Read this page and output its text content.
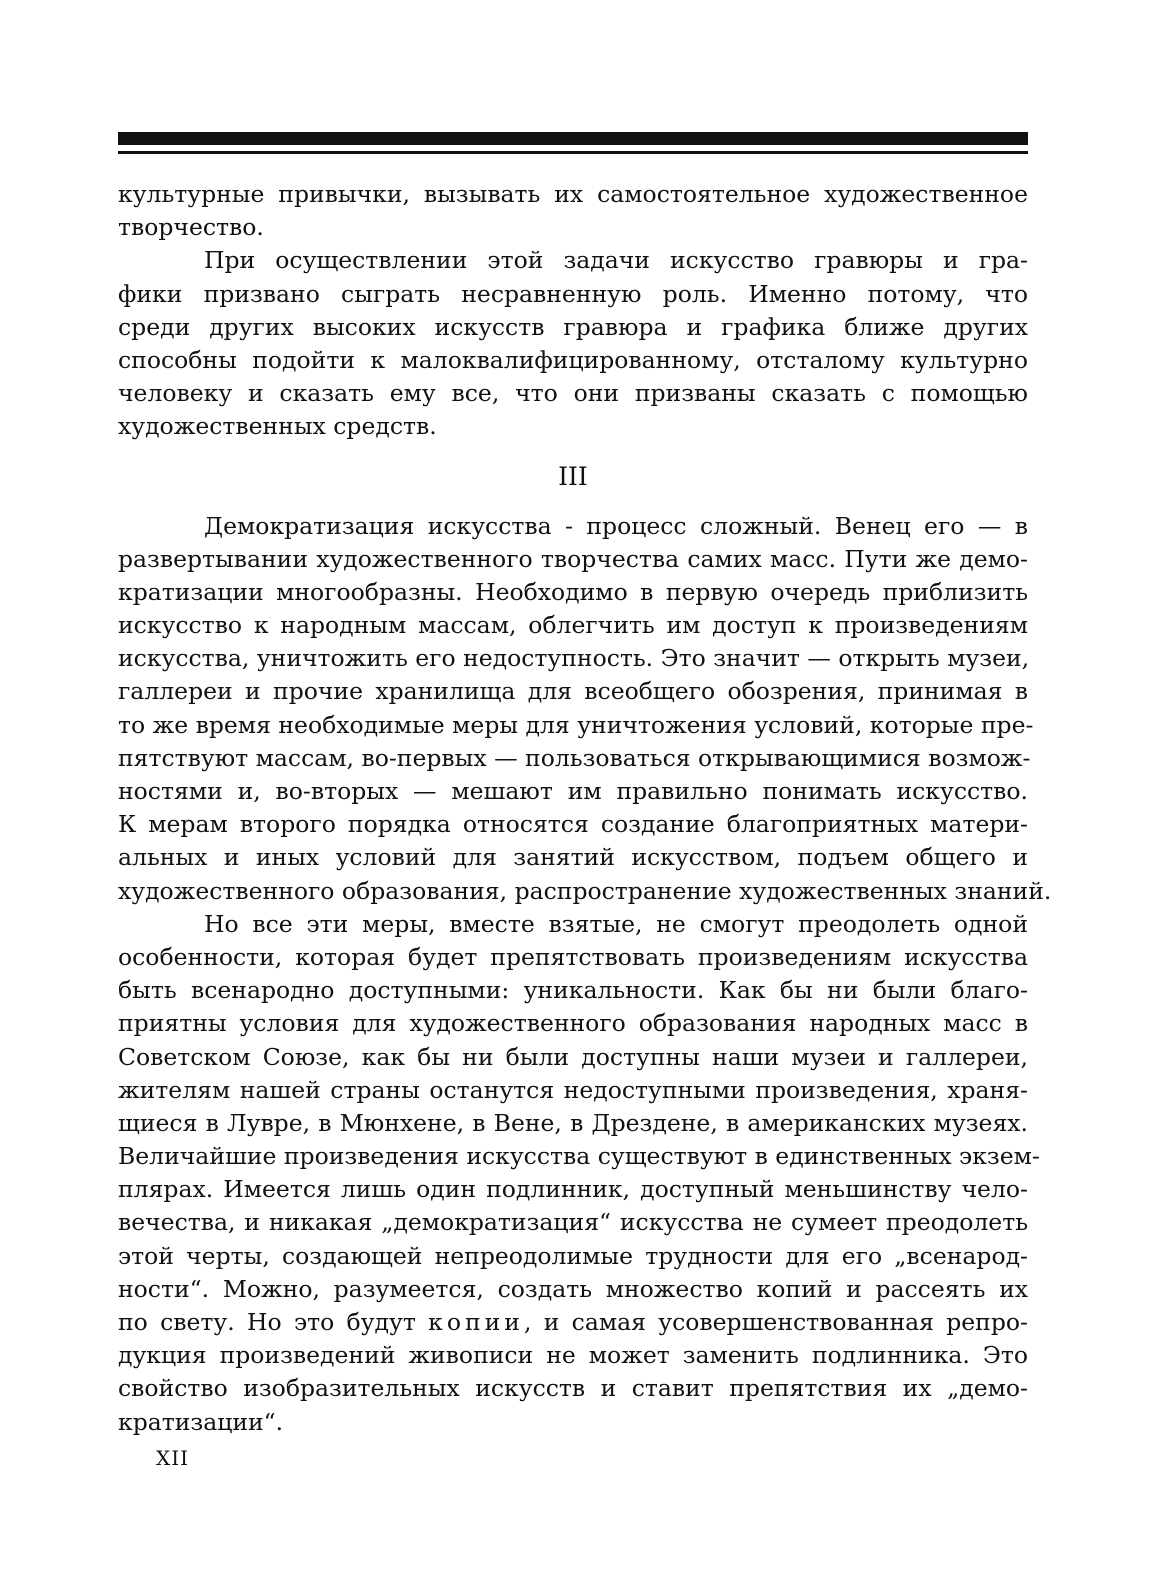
культурные привычки, вызывать их самостоятельное художественное
творчество.
При осуществлении этой задачи искусство гравюры и гра-
фики призвано сыграть несравненную роль. Именно потому, что
среди других высоких искусств гравюра и графика ближе других
способны подойти к малоквалифицированному, отсталому культурно
человеку и сказать ему все, что они призваны сказать с помощью
художественных средств.
III
Демократизация искусства - процесс сложный. Венец его — в
развертывании художественного творчества самих масс. Пути же демо-
кратизации многообразны. Необходимо в первую очередь приблизить
искусство к народным массам, облегчить им доступ к произведениям
искусства, уничтожить его недоступность. Это значит — открыть музеи,
галлереи и прочие хранилища для всеобщего обозрения, принимая в
то же время необходимые меры для уничтожения условий, которые пре-
пятствуют массам, во-первых — пользоваться открывающимися возмож-
ностями и, во-вторых — мешают им правильно понимать искусство.
К мерам второго порядка относятся создание благоприятных матери-
альных и иных условий для занятий искусством, подъем общего и
художественного образования, распространение художественных знаний.
Но все эти меры, вместе взятые, не смогут преодолеть одной
особенности, которая будет препятствовать произведениям искусства
быть всенародно доступными: уникальности. Как бы ни были благо-
приятны условия для художественного образования народных масс в
Советском Союзе, как бы ни были доступны наши музеи и галлереи,
жителям нашей страны останутся недоступными произведения, храня-
щиеся в Лувре, в Мюнхене, в Вене, в Дрездене, в американских музеях.
Величайшие произведения искусства существуют в единственных экзем-
плярах. Имеется лишь один подлинник, доступный меньшинству чело-
вечества, и никакая „демократизация“ искусства не сумеет преодолеть
этой черты, создающей непреодолимые трудности для его „всенарод-
ности“. Можно, разумеется, создать множество копий и рассеять их
по свету. Но это будут копии, и самая усовершенствованная репро-
дукция произведений живописи не может заменить подлинника. Это
свойство изобразительных искусств и ставит препятствия их „демо-
кратизации“.
XII
